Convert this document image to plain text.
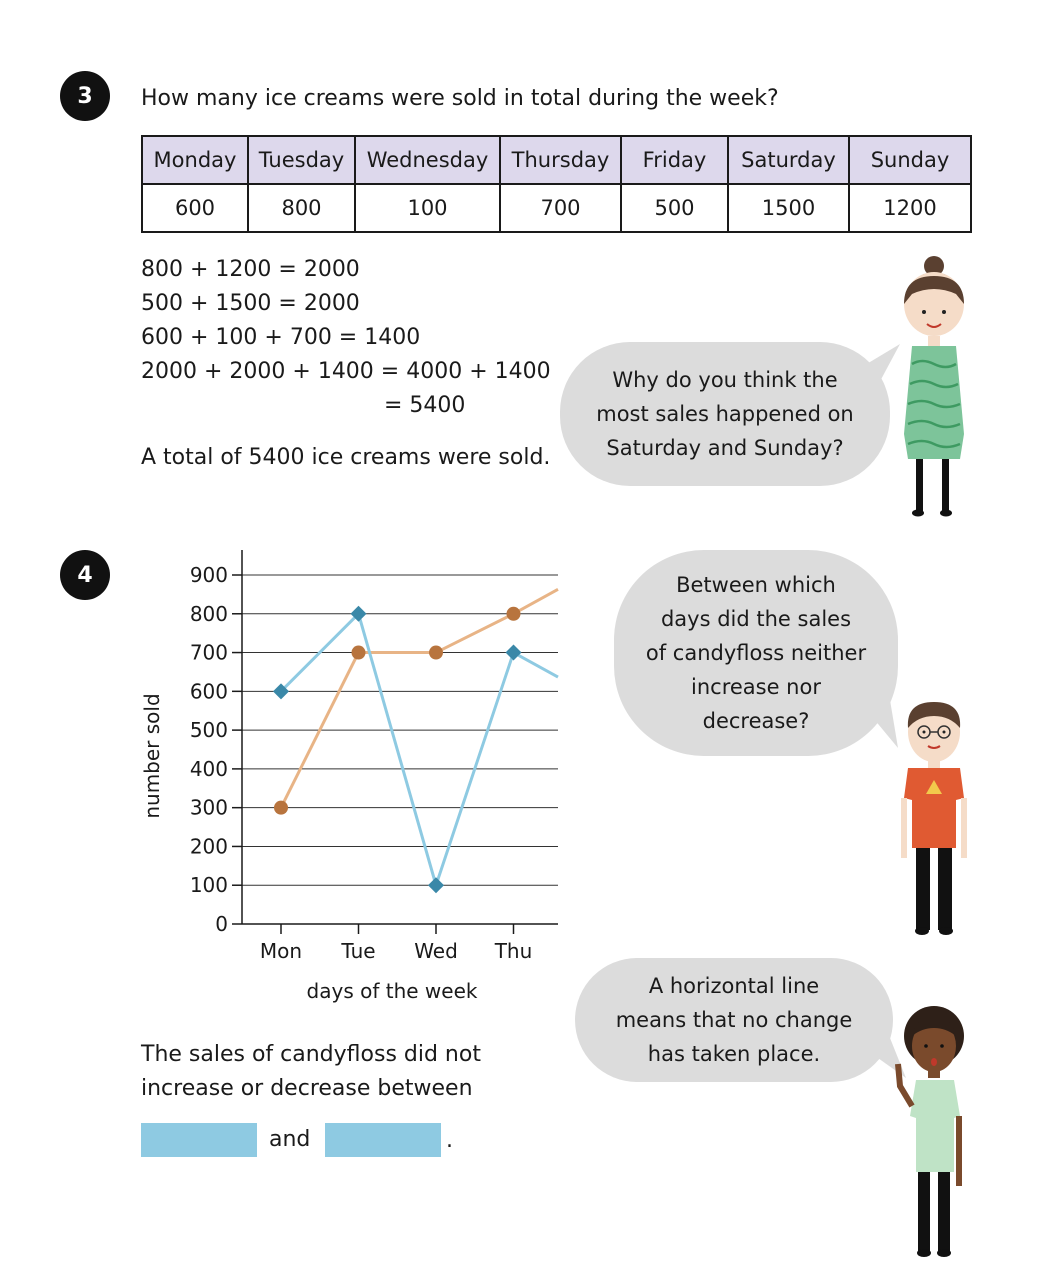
3	How many ice creams were sold in total during the week?
Monday	Tuesday	Wednesday	Thursday	Friday	Saturday	Sunday
600	800	100	700	500	1500	1200
800 + 1200 = 2000
500 + 1500 = 2000
600 + 100 + 700 = 1400
2000 + 2000 + 1400 = 4000 + 1400
= 5400
A total of 5400 ice creams were sold.
Why do you think the
most sales happened on
Saturday and Sunday?
4
0
100
200
300
400
500
600
700
800
900
Mon Tue Wed Thu
days of the week
number sold
Between which
days did the sales
of candyfloss neither
increase nor
decrease?
A horizontal line
means that no change
has taken place.
The sales of candyfloss did not
increase or decrease between
and	.
